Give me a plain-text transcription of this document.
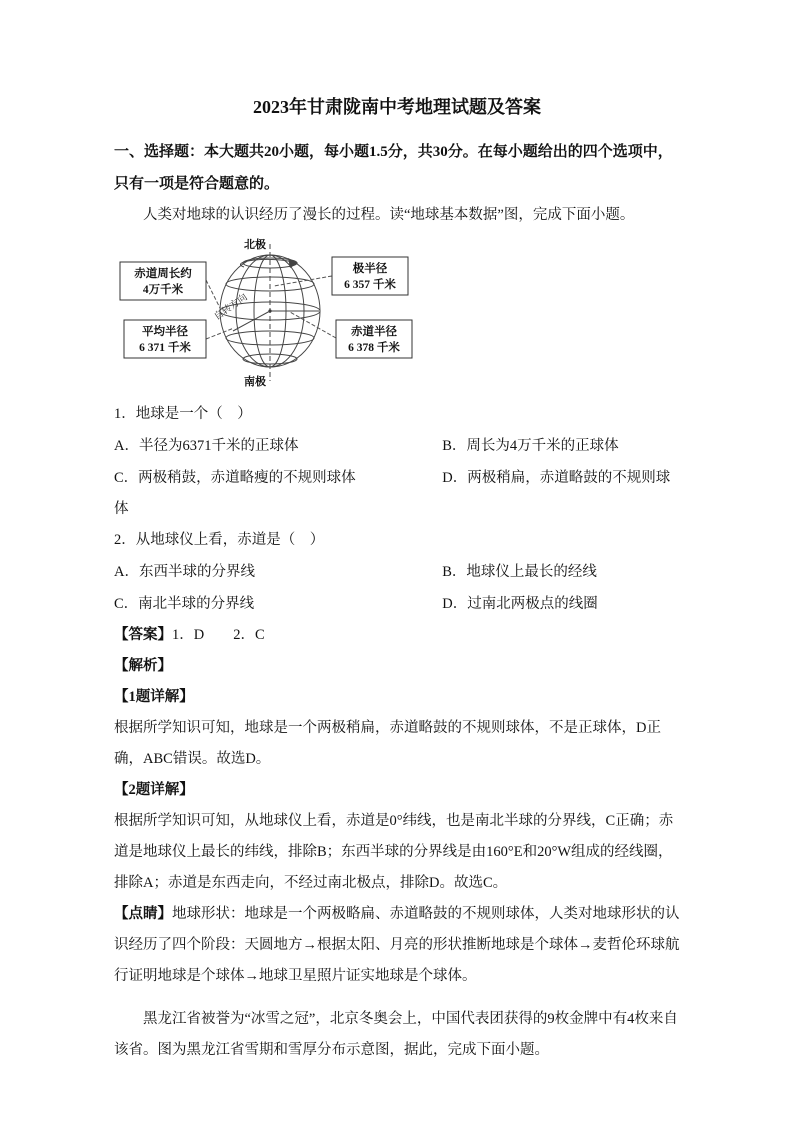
2023年甘肃陇南中考地理试题及答案

一、选择题：本大题共20小题，每小题1.5分，共30分。在每小题给出的四个选项中，只有一项是符合题意的。

人类对地球的认识经历了漫长的过程。读“地球基本数据”图，完成下面小题。

赤道周长约
4万千米
平均半径
6 371 千米
极半径
6 357 千米
赤道半径
6 378 千米
北极
南极
自转方向

1．地球是一个（　）

A．半径为6371千米的正球体	B．周长为4万千米的正球体
C．两极稍鼓，赤道略瘦的不规则球体	D．两极稍扁，赤道略鼓的不规则球

体

2．从地球仪上看，赤道是（　）

A．东西半球的分界线	B．地球仪上最长的经线
C．南北半球的分界线	D．过南北两极点的线圈

【答案】1．D　　2．C

【解析】

【1题详解】

根据所学知识可知，地球是一个两极稍扁，赤道略鼓的不规则球体，不是正球体，D正确，ABC错误。故选D。

【2题详解】

根据所学知识可知，从地球仪上看，赤道是0°纬线，也是南北半球的分界线，C正确；赤道是地球仪上最长的纬线，排除B；东西半球的分界线是由160°E和20°W组成的经线圈，排除A；赤道是东西走向，不经过南北极点，排除D。故选C。

【点睛】地球形状：地球是一个两极略扁、赤道略鼓的不规则球体，人类对地球形状的认识经历了四个阶段：天圆地方→根据太阳、月亮的形状推断地球是个球体→麦哲伦环球航行证明地球是个球体→地球卫星照片证实地球是个球体。

黑龙江省被誉为“冰雪之冠”，北京冬奥会上，中国代表团获得的9枚金牌中有4枚来自该省。图为黑龙江省雪期和雪厚分布示意图，据此，完成下面小题。
